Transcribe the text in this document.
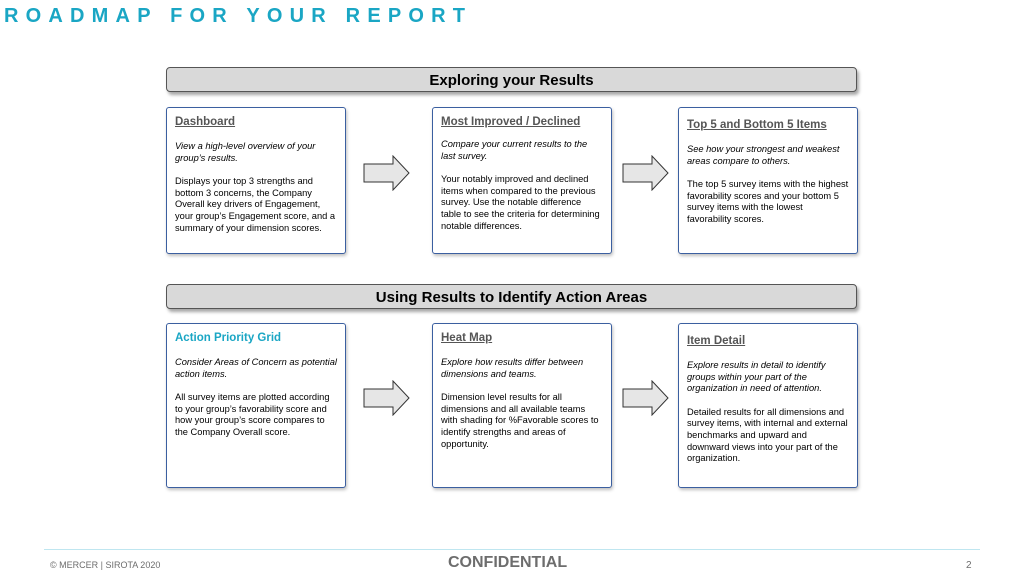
ROADMAP FOR YOUR REPORT
Exploring your Results
Dashboard
View a high-level overview of your group’s results.
Displays your top 3 strengths and bottom 3 concerns, the Company Overall key drivers of Engagement, your group’s Engagement score, and a summary of your dimension scores.
Most Improved / Declined
Compare your current results to the last survey.
Your notably improved and declined items when compared to the previous survey. Use the notable difference table to see the criteria for determining notable differences.
Top 5 and Bottom 5 Items
See how your strongest and weakest areas compare to others.
The top 5 survey items with the highest favorability scores and your bottom 5 survey items with the lowest favorability scores.
Using Results to Identify Action Areas
Action Priority Grid
Consider Areas of Concern as potential action items.
All survey items are plotted according to your group’s favorability score and how your group’s score compares to the Company Overall score.
Heat Map
Explore how results differ between dimensions and teams.
Dimension level results for all dimensions and all available teams with shading for %Favorable scores to identify strengths and areas of opportunity.
Item Detail
Explore results in detail to identify groups within your part of the organization in need of attention.
Detailed results for all dimensions and survey items, with internal and external benchmarks and upward and downward views into your part of the organization.
© MERCER | SIROTA 2020	CONFIDENTIAL	2
